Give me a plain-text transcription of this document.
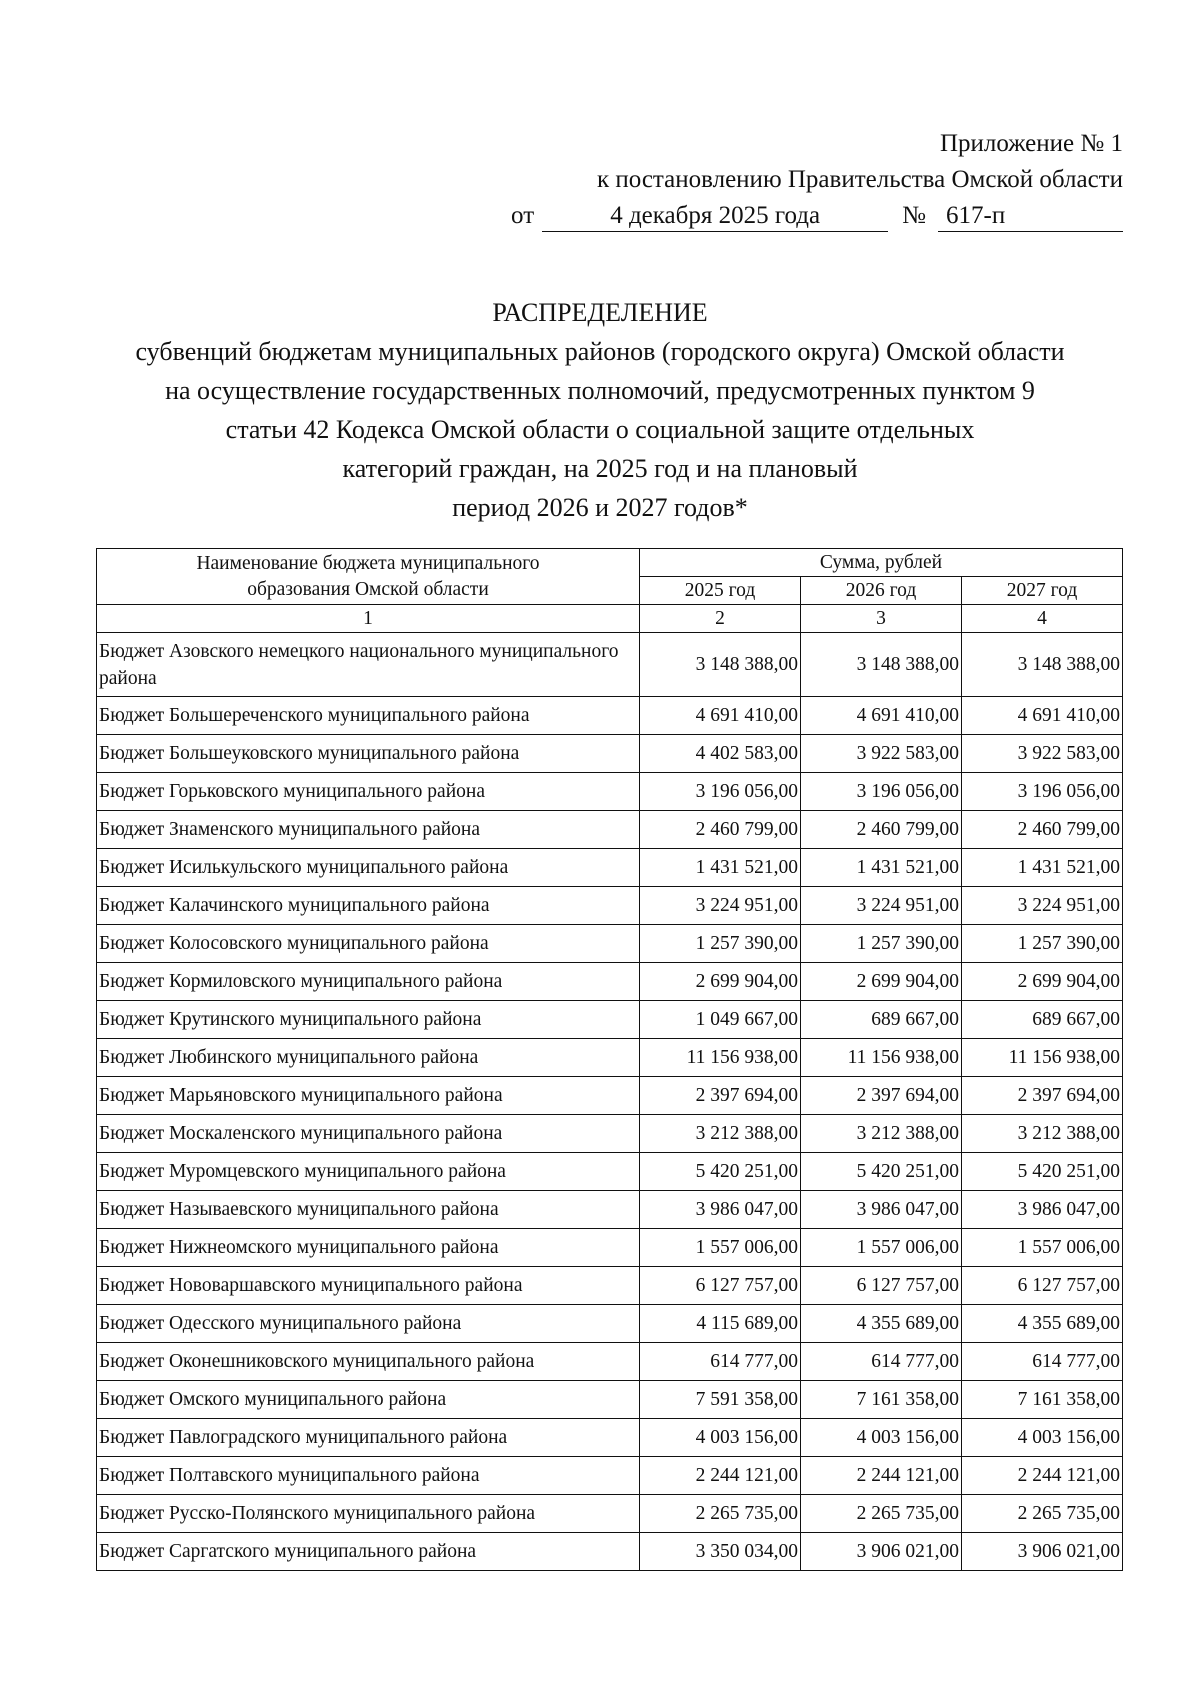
Приложение № 1
к постановлению Правительства Омской области
от	4 декабря 2025 года	№ 617-п
РАСПРЕДЕЛЕНИЕ
субвенций бюджетам муниципальных районов (городского округа) Омской области
на осуществление государственных полномочий, предусмотренных пунктом 9
статьи 42 Кодекса Омской области о социальной защите отдельных
категорий граждан, на 2025 год и на плановый
период 2026 и 2027 годов*
Наименование бюджета муниципального
образования Омской области	Сумма, рублей		
	2025 год	2026 год	2027 год
1	2	3	4
Бюджет Азовского немецкого национального муниципального района	3 148 388,00	3 148 388,00	3 148 388,00
Бюджет Большереченского муниципального района	4 691 410,00	4 691 410,00	4 691 410,00
Бюджет Большеуковского муниципального района	4 402 583,00	3 922 583,00	3 922 583,00
Бюджет Горьковского муниципального района	3 196 056,00	3 196 056,00	3 196 056,00
Бюджет Знаменского муниципального района	2 460 799,00	2 460 799,00	2 460 799,00
Бюджет Исилькульского муниципального района	1 431 521,00	1 431 521,00	1 431 521,00
Бюджет Калачинского муниципального района	3 224 951,00	3 224 951,00	3 224 951,00
Бюджет Колосовского муниципального района	1 257 390,00	1 257 390,00	1 257 390,00
Бюджет Кормиловского муниципального района	2 699 904,00	2 699 904,00	2 699 904,00
Бюджет Крутинского муниципального района	1 049 667,00	689 667,00	689 667,00
Бюджет Любинского муниципального района	11 156 938,00	11 156 938,00	11 156 938,00
Бюджет Марьяновского муниципального района	2 397 694,00	2 397 694,00	2 397 694,00
Бюджет Москаленского муниципального района	3 212 388,00	3 212 388,00	3 212 388,00
Бюджет Муромцевского муниципального района	5 420 251,00	5 420 251,00	5 420 251,00
Бюджет Называевского муниципального района	3 986 047,00	3 986 047,00	3 986 047,00
Бюджет Нижнеомского муниципального района	1 557 006,00	1 557 006,00	1 557 006,00
Бюджет Нововаршавского муниципального района	6 127 757,00	6 127 757,00	6 127 757,00
Бюджет Одесского муниципального района	4 115 689,00	4 355 689,00	4 355 689,00
Бюджет Оконешниковского муниципального района	614 777,00	614 777,00	614 777,00
Бюджет Омского муниципального района	7 591 358,00	7 161 358,00	7 161 358,00
Бюджет Павлоградского муниципального района	4 003 156,00	4 003 156,00	4 003 156,00
Бюджет Полтавского муниципального района	2 244 121,00	2 244 121,00	2 244 121,00
Бюджет Русско-Полянского муниципального района	2 265 735,00	2 265 735,00	2 265 735,00
Бюджет Саргатского муниципального района	3 350 034,00	3 906 021,00	3 906 021,00
